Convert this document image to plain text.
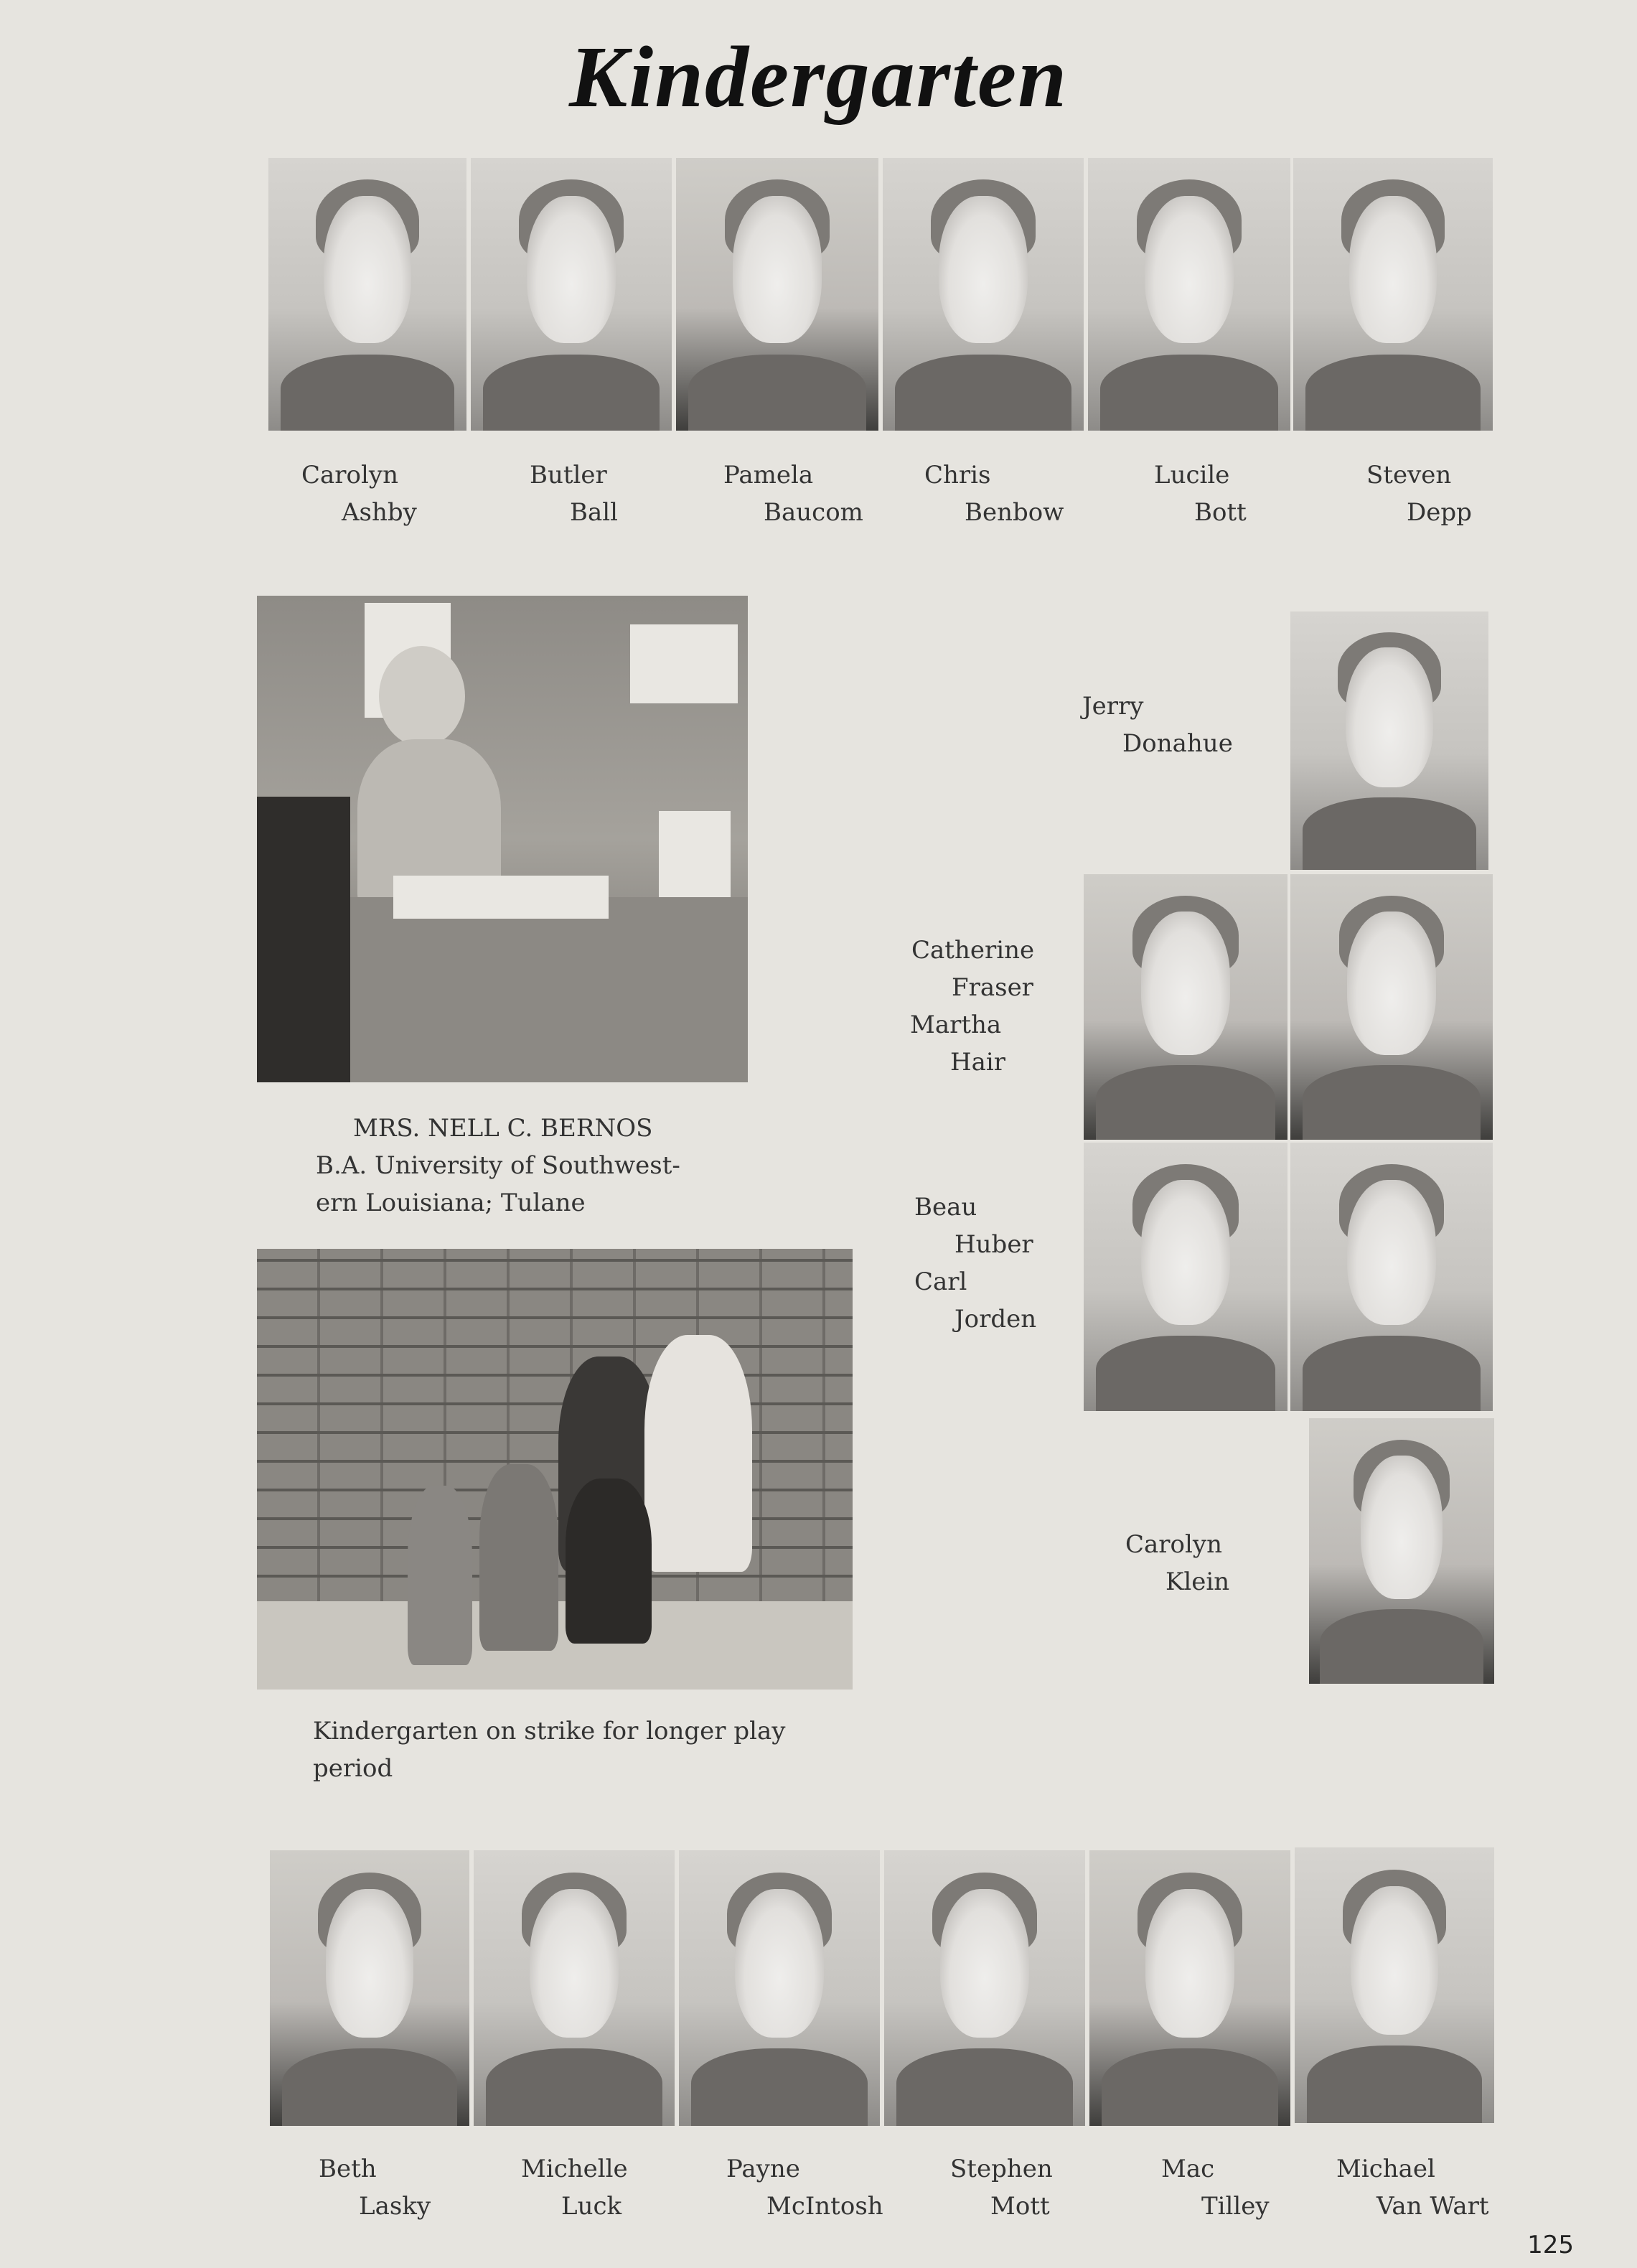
Kindergarten
Carolyn
Ashby
Butler
Ball
Pamela
Baucom
Chris
Benbow
Lucile
Bott
Steven
Depp
MRS. NELL C. BERNOS
B.A. University of Southwest-
ern Louisiana; Tulane
Kindergarten on strike for longer play
period
Jerry
Donahue
Catherine
Fraser
Martha
Hair
Beau
Huber
Carl
Jorden
Carolyn
Klein
Beth
Lasky
Michelle
Luck
Payne
McIntosh
Stephen
Mott
Mac
Tilley
Michael
Van Wart
125
